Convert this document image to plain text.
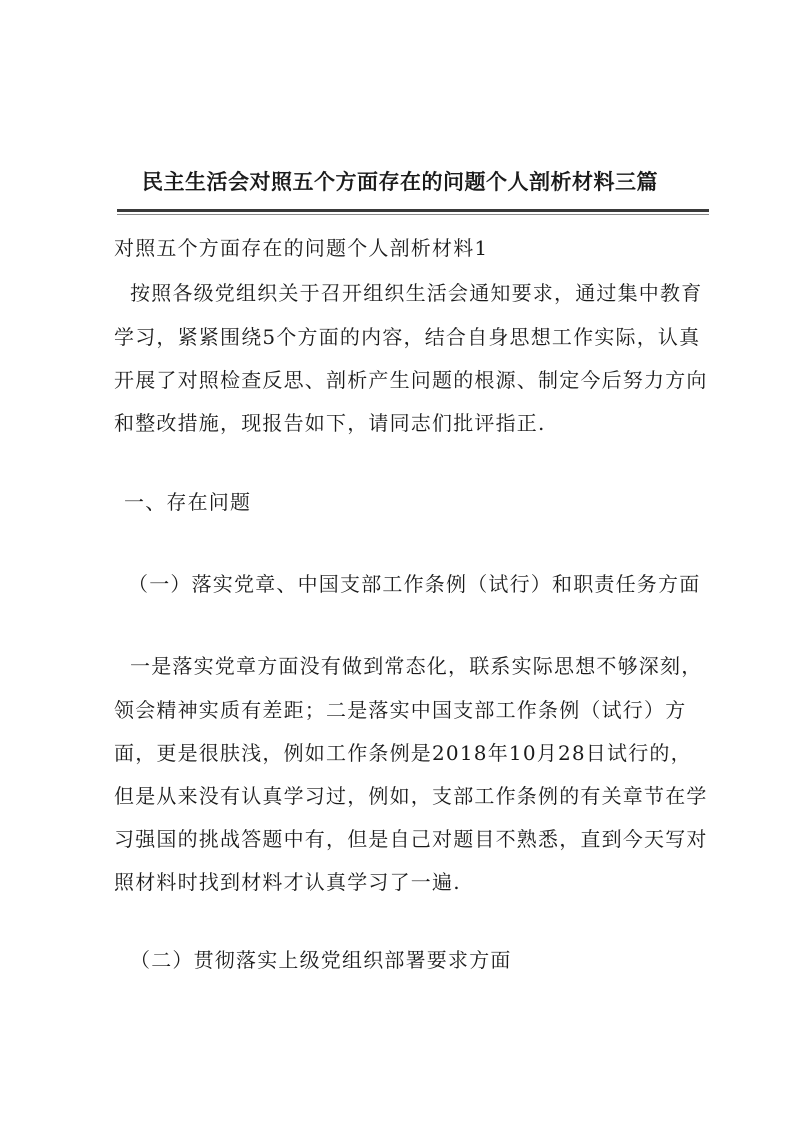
民主生活会对照五个方面存在的问题个人剖析材料三篇
对照五个方面存在的问题个人剖析材料1
按照各级党组织关于召开组织生活会通知要求，通过集中教育
学习，紧紧围绕5个方面的内容，结合自身思想工作实际，认真
开展了对照检查反思、剖析产生问题的根源、制定今后努力方向
和整改措施，现报告如下，请同志们批评指正.
一、存在问题
（一）落实党章、中国支部工作条例（试行）和职责任务方面
一是落实党章方面没有做到常态化，联系实际思想不够深刻，
领会精神实质有差距；二是落实中国支部工作条例（试行）方
面，更是很肤浅，例如工作条例是2018年10月28日试行的，
但是从来没有认真学习过，例如，支部工作条例的有关章节在学
习强国的挑战答题中有，但是自己对题目不熟悉，直到今天写对
照材料时找到材料才认真学习了一遍.
（二）贯彻落实上级党组织部署要求方面
